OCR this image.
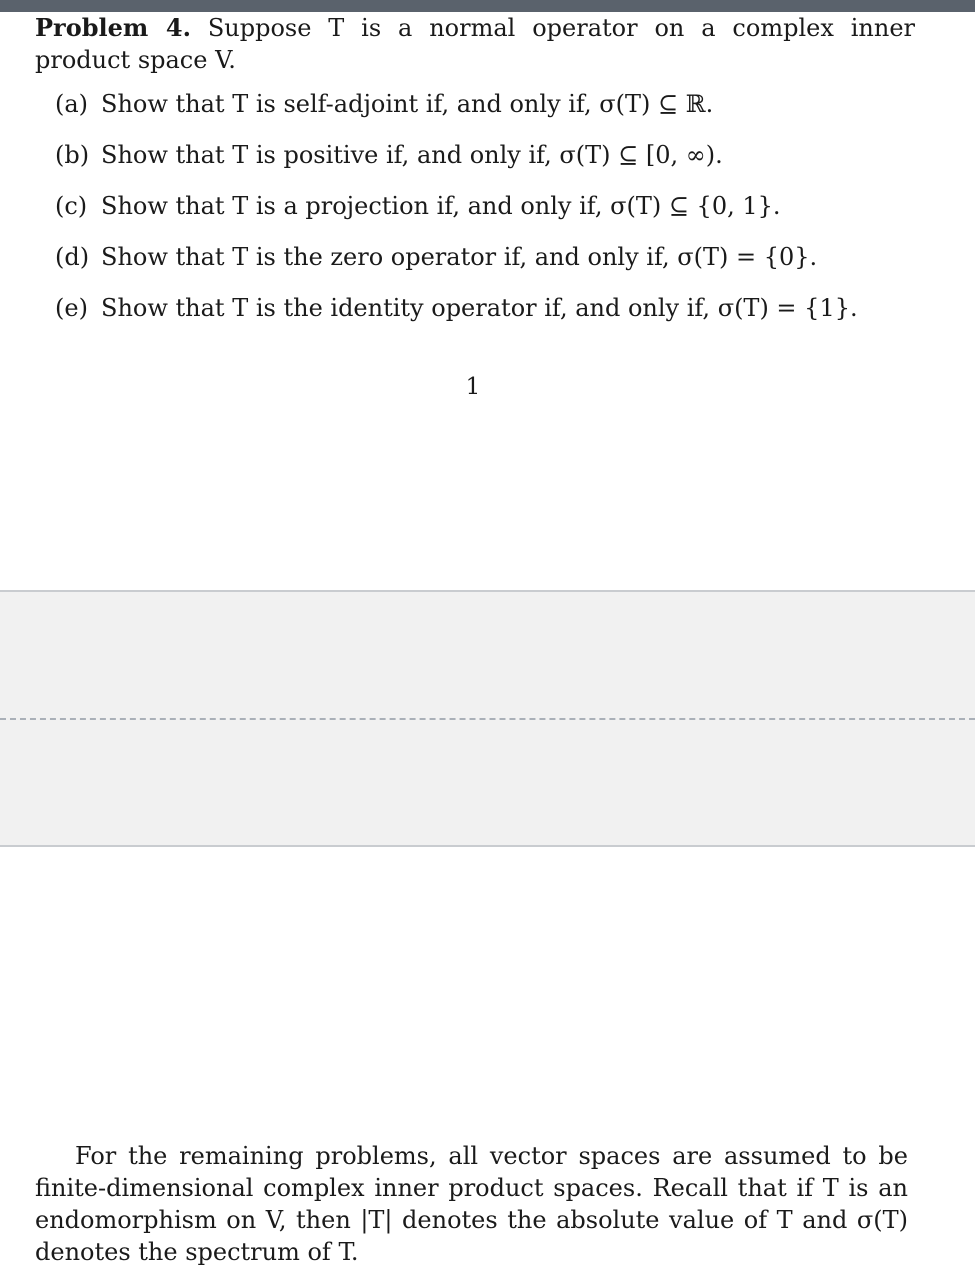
Problem 4. Suppose T is a normal operator on a complex inner product space V.
(a) Show that T is self-adjoint if, and only if, σ(T) ⊆ ℝ.
(b) Show that T is positive if, and only if, σ(T) ⊆ [0, ∞).
(c) Show that T is a projection if, and only if, σ(T) ⊆ {0, 1}.
(d) Show that T is the zero operator if, and only if, σ(T) = {0}.
(e) Show that T is the identity operator if, and only if, σ(T) = {1}.
1
For the remaining problems, all vector spaces are assumed to be finite-dimensional complex inner product spaces. Recall that if T is an endomorphism on V, then |T| denotes the absolute value of T and σ(T) denotes the spectrum of T.
